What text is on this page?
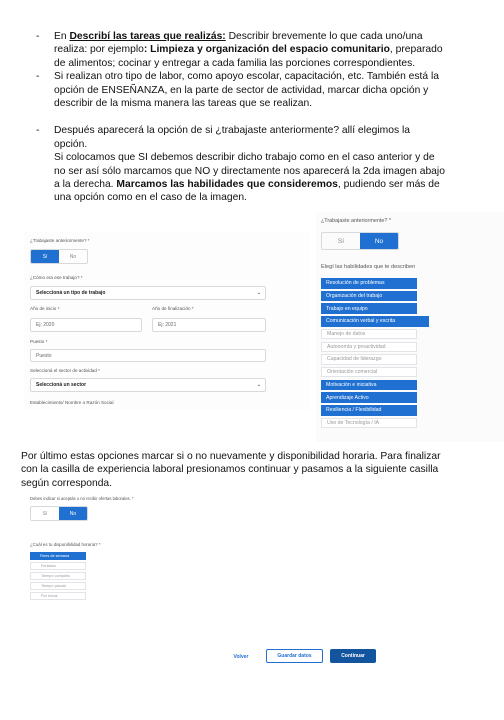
- En Describí las tareas que realizás: Describir brevemente lo que cada uno/una realiza: por ejemplo: Limpieza y organización del espacio comunitario, preparado de alimentos; cocinar y entregar a cada familia las porciones correspondientes.
- Si realizan otro tipo de labor, como apoyo escolar, capacitación, etc. También está la opción de ENSEÑANZA, en la parte de sector de actividad, marcar dicha opción y describir de la misma manera las tareas que se realizan.
- Después aparecerá la opción de si ¿trabajaste anteriormente? allí elegimos la opción.
Si colocamos que SI debemos describir dicho trabajo como en el caso anterior y de no ser así sólo marcamos que NO y directamente nos aparecerá la 2da imagen abajo a la derecha. Marcamos las habilidades que consideremos, pudiendo ser más de una opción como en el caso de la imagen.
¿Trabajaste anteriormente? *
Sí	No
¿Cómo era ese trabajo? *
Seleccioná un tipo de trabajo	⌄
Año de inicio *
Ej: 2020
Año de finalización *
Ej: 2021
Puesto *
Puesto
Seleccioná el sector de actividad *
Seleccioná un sector	⌄
Establecimiento/ Nombre o Razón Social
¿Trabajaste anteriormente? *
Sí	No
Elegí las habilidades que te describen
Resolución de problemas
Organización del trabajo
Trabajo en equipo
Comunicación verbal y escrita
Manejo de datos
Autonomía y proactividad
Capacidad de liderazgo
Orientación comercial
Motivación e iniciativa
Aprendizaje Activo
Resiliencia / Flexibilidad
Uso de Tecnología / IA
Por último estas opciones marcar si o no nuevamente y disponibilidad horaria. Para finalizar con la casilla de experiencia laboral presionamos continuar y pasamos a la siguiente casilla según corresponda.
Debes indicar si aceptás o no recibir ofertas laborales. *
Sí	No
¿Cuál es tu disponibilidad horaria? *
Fines de semana
Feriados
Tiempo completo
Tiempo parcial
Por horas
Volver	Guardar datos	Continuar
